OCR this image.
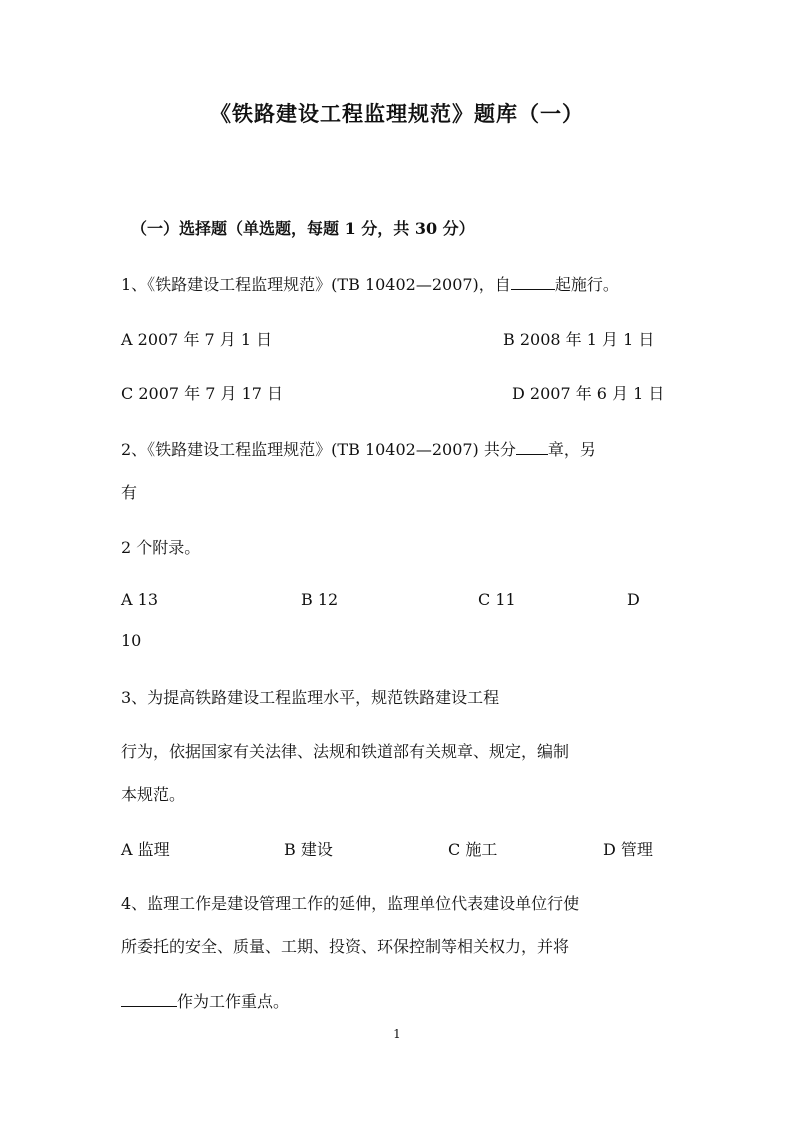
《铁路建设工程监理规范》题库（一）
（一）选择题（单选题，每题 1 分，共 30 分）
1、《铁路建设工程监理规范》(TB 10402—2007)，自	起施行。
A 2007 年 7 月 1 日	B 2008 年 1 月 1 日
C 2007 年 7 月 17 日	D 2007 年 6 月 1 日
2、《铁路建设工程监理规范》(TB 10402—2007) 共分 章，另
有
2 个附录。
A 13	B 12	C 11	D
10
3、为提高铁路建设工程监理水平，规范铁路建设工程
行为，依据国家有关法律、法规和铁道部有关规章、规定，编制
本规范。
A 监理	B 建设	C 施工	D 管理
4、监理工作是建设管理工作的延伸，监理单位代表建设单位行使
所委托的安全、质量、工期、投资、环保控制等相关权力，并将
作为工作重点。
1
